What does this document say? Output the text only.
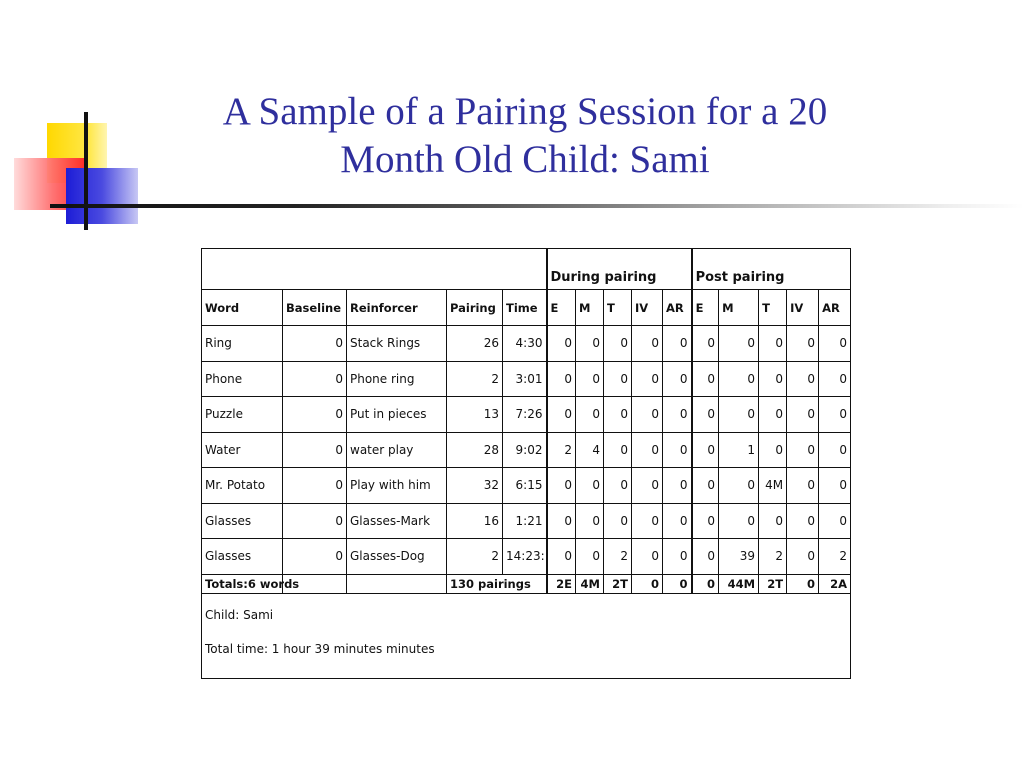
A Sample of a Pairing Session for a 20 Month Old Child: Sami
					During pairing					Post pairing				
Word	Baseline	Reinforcer	Pairing	Time	E	M	T	IV	AR	E	M	T	IV	AR
Ring	0	Stack Rings	26	4:30	0	0	0	0	0	0	0	0	0	0
Phone	0	Phone ring	2	3:01	0	0	0	0	0	0	0	0	0	0
Puzzle	0	Put in pieces	13	7:26	0	0	0	0	0	0	0	0	0	0
Water	0	water play	28	9:02	2	4	0	0	0	0	1	0	0	0
Mr. Potato	0	Play with him	32	6:15	0	0	0	0	0	0	0	4M	0	0
Glasses	0	Glasses-Mark	16	1:21	0	0	0	0	0	0	0	0	0	0
Glasses	0	Glasses-Dog	2	14:23:	0	0	2	0	0	0	39	2	0	2
Totals:6 words			130 pairings		2E	4M	2T	0	0	0	44M	2T	0	2A

Child: Sami
Total time: 1 hour 39 minutes minutes														
